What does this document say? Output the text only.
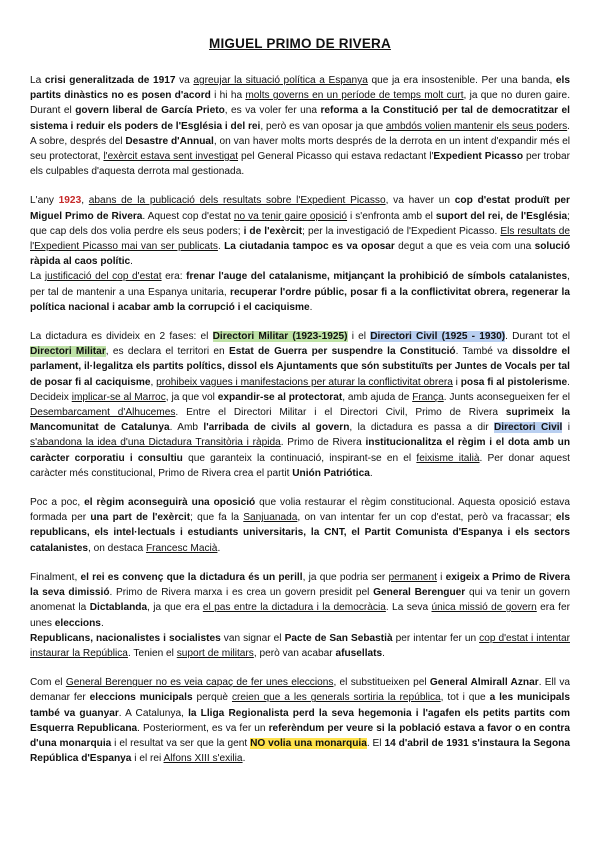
MIGUEL PRIMO DE RIVERA

La crisi generalitzada de 1917 va agreujar la situació política a Espanya que ja era insostenible. Per una banda, els partits dinàstics no es posen d'acord i hi ha molts governs en un període de temps molt curt, ja que no duren gaire. Durant el govern liberal de García Prieto, es va voler fer una reforma a la Constitució per tal de democratitzar el sistema i reduir els poders de l'Església i del rei, però es van oposar ja que ambdós volien mantenir els seus poders. A sobre, després del Desastre d'Annual, on van haver molts morts després de la derrota en un intent d'expandir més el seu protectorat, l'exèrcit estava sent investigat pel General Picasso qui estava redactant l'Expedient Picasso per trobar els culpables d'aquesta derrota mal gestionada.

L'any 1923, abans de la publicació dels resultats sobre l'Expedient Picasso, va haver un cop d'estat produït per Miguel Primo de Rivera. Aquest cop d'estat no va tenir gaire oposició i s'enfronta amb el suport del rei, de l'Església; que cap dels dos volia perdre els seus poders; i de l'exèrcit; per la investigació de l'Expedient Picasso. Els resultats de l'Expedient Picasso mai van ser publicats. La ciutadania tampoc es va oposar degut a que es veia com una solució ràpida al caos polític.
La justificació del cop d'estat era: frenar l'auge del catalanisme, mitjançant la prohibició de símbols catalanistes, per tal de mantenir a una Espanya unitaria, recuperar l'ordre públic, posar fi a la conflictivitat obrera, regenerar la política nacional i acabar amb la corrupció i el caciquisme.

La dictadura es divideix en 2 fases: el Directori Militar (1923-1925) i el Directori Civil (1925 - 1930). Durant tot el Directori Militar, es declara el territori en Estat de Guerra per suspendre la Constitució. També va dissoldre el parlament, il·legalitza els partits polítics, dissol els Ajuntaments que són substituïts per Juntes de Vocals per tal de posar fi al caciquisme, prohibeix vagues i manifestacions per aturar la conflictivitat obrera i posa fi al pistolerisme. Decideix implicar-se al Marroc, ja que vol expandir-se al protectorat, amb ajuda de França. Junts aconsegueixen fer el Desembarcament d'Alhucemes. Entre el Directori Militar i el Directori Civil, Primo de Rivera suprimeix la Mancomunitat de Catalunya. Amb l'arribada de civils al govern, la dictadura es passa a dir Directori Civil i s'abandona la idea d'una Dictadura Transitòria i ràpida. Primo de Rivera institucionalitza el règim i el dota amb un caràcter corporatiu i consultiu que garanteix la continuació, inspirant-se en el feixisme italià. Per donar aquest caràcter més constitucional, Primo de Rivera crea el partit Unión Patriótica.

Poc a poc, el règim aconseguirà una oposició que volia restaurar el règim constitucional. Aquesta oposició estava formada per una part de l'exèrcit; que fa la Sanjuanada, on van intentar fer un cop d'estat, però va fracassar; els republicans, els intel·lectuals i estudiants universitaris, la CNT, el Partit Comunista d'Espanya i els sectors catalanistes, on destaca Francesc Macià.

Finalment, el rei es convenç que la dictadura és un perill, ja que podria ser permanent i exigeix a Primo de Rivera la seva dimissió. Primo de Rivera marxa i es crea un govern presidit pel General Berenguer qui va tenir un govern anomenat la Dictablanda, ja que era el pas entre la dictadura i la democràcia. La seva única missió de govern era fer unes eleccions.
Republicans, nacionalistes i socialistes van signar el Pacte de San Sebastià per intentar fer un cop d'estat i intentar instaurar la República. Tenien el suport de militars, però van acabar afusellats.

Com el General Berenguer no es veia capaç de fer unes eleccions, el substitueixen pel General Almirall Aznar. Ell va demanar fer eleccions municipals perquè creien que a les generals sortiria la república, tot i que a les municipals també va guanyar. A Catalunya, la Lliga Regionalista perd la seva hegemonia i l'agafen els petits partits com Esquerra Republicana. Posteriorment, es va fer un referèndum per veure si la població estava a favor o en contra d'una monarquia i el resultat va ser que la gent NO volia una monarquia. El 14 d'abril de 1931 s'instaura la Segona República d'Espanya i el rei Alfons XIII s'exilia.
